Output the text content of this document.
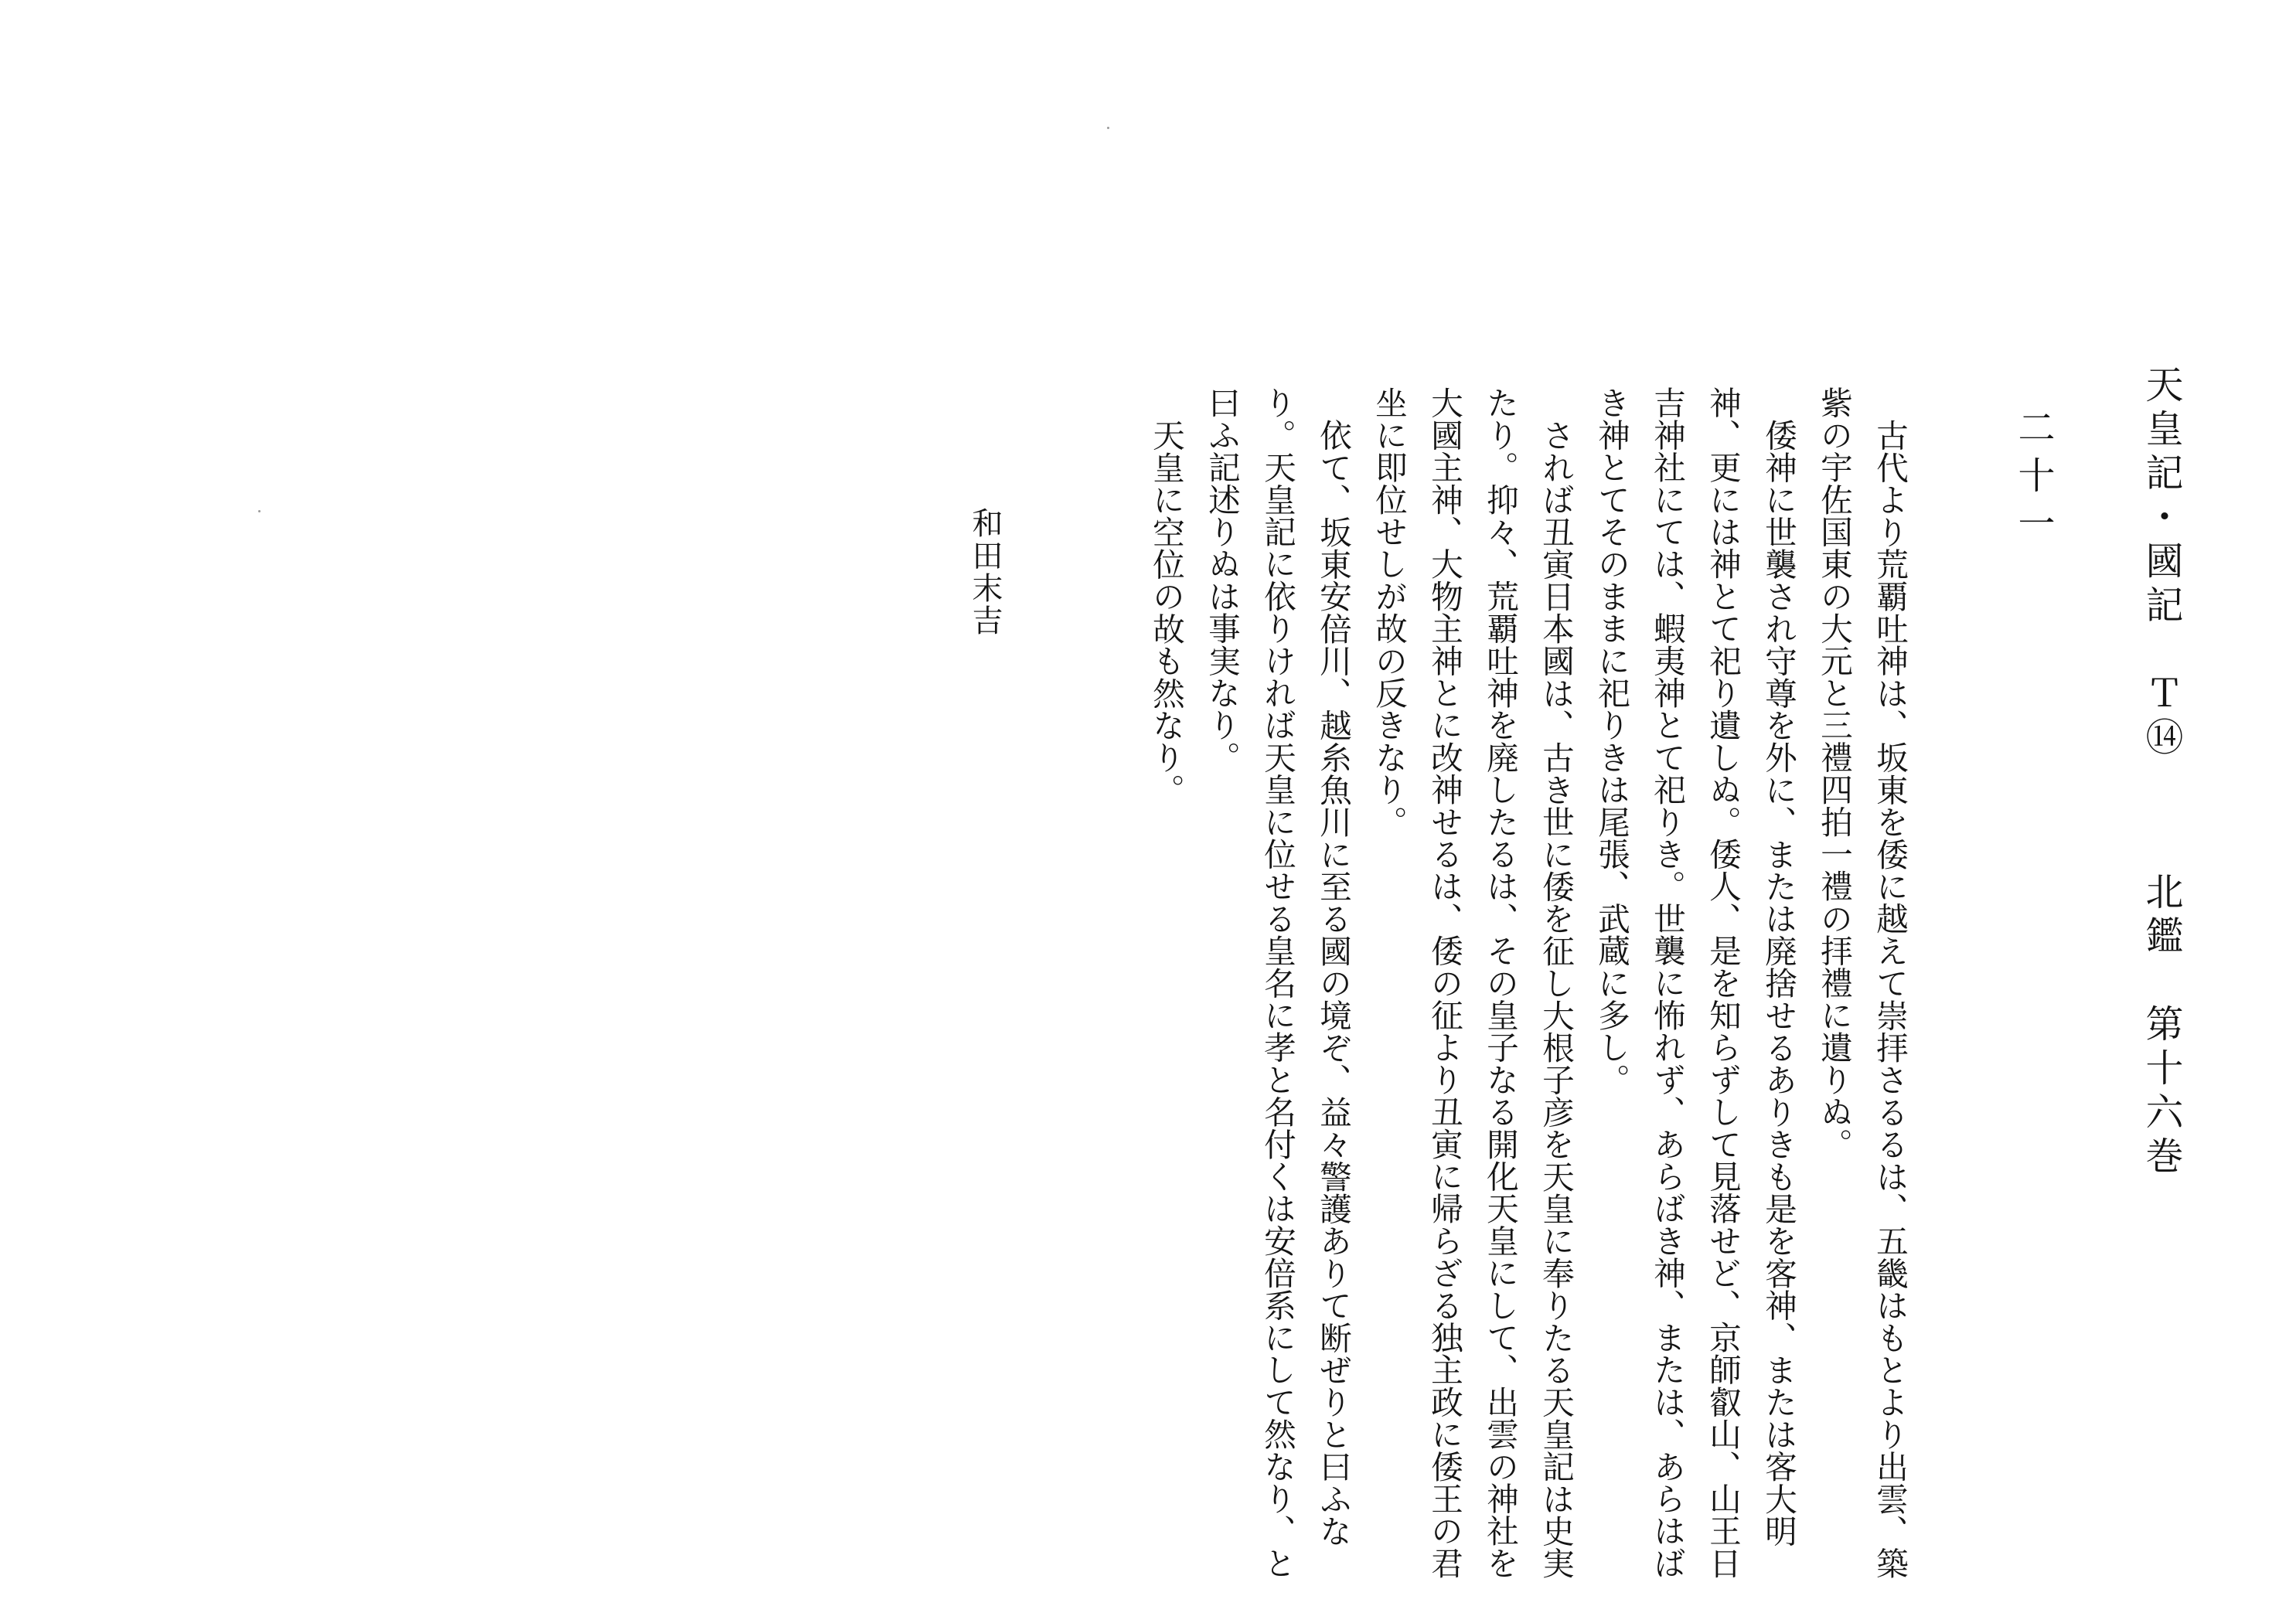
天皇記・國記　Ｔ⑭
北鑑　第十六巻
二十一

古代より荒覇吐神は、坂東を倭に越えて崇拝さるるは、五畿はもとより出雲、築紫の宇佐国東の大元と三禮四拍一禮の拝禮に遺りぬ。

倭神に世襲され守尊を外に、または廃捨せるありきも是を客神、または客大明神、更には神とて祀り遺しぬ。倭人、是を知らずして見落せど、京師叡山、山王日吉神社にては、蝦夷神とて祀りき。世襲に怖れず、あらばき神、または、あらはばき神とてそのままに祀りきは尾張、武蔵に多し。

されば丑寅日本國は、古き世に倭を征し大根子彦を天皇に奉りたる天皇記は史実たり。抑々、荒覇吐神を廃したるは、その皇子なる開化天皇にして、出雲の神社を大國主神、大物主神とに改神せるは、倭の征より丑寅に帰らざる独主政に倭王の君坐に即位せしが故の反きなり。

依て、坂東安倍川、越糸魚川に至る國の境ぞ、益々警護ありて断ぜりと曰ふなり。天皇記に依りければ天皇に位せる皇名に孝と名付くは安倍系にして然なり、と曰ふ記述りぬは事実なり。

天皇に空位の故も然なり。

和田末吉
